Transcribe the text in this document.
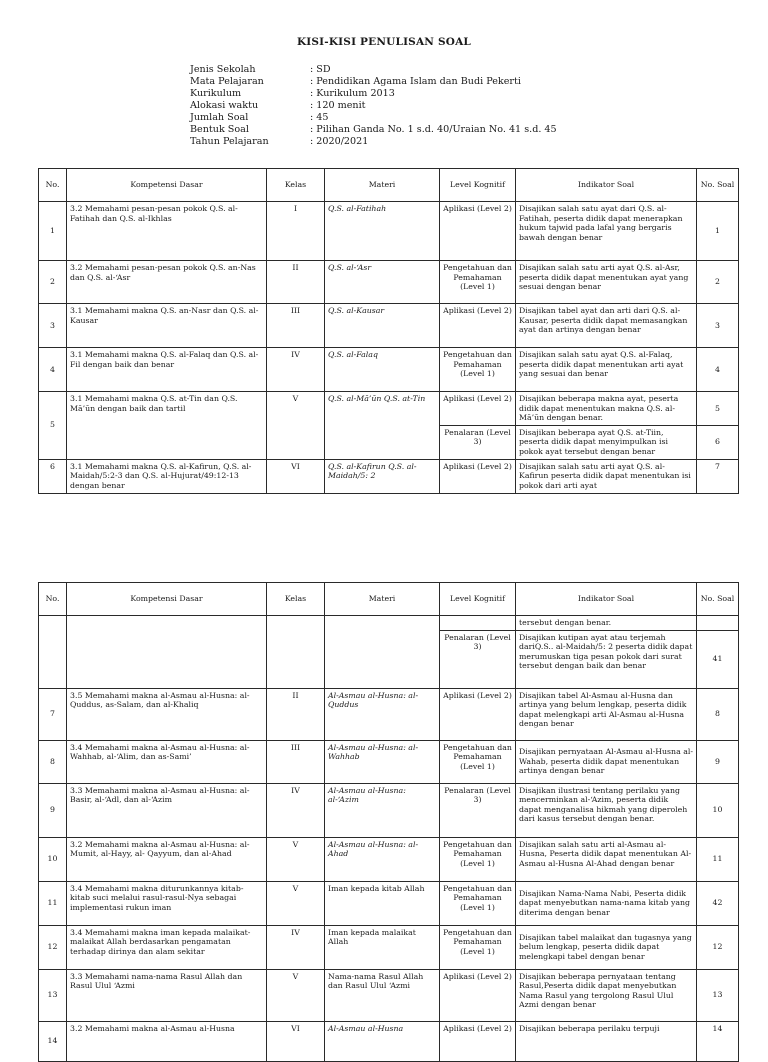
KISI-KISI PENULISAN SOAL
Jenis Sekolah	: SD
Mata Pelajaran	: Pendidikan Agama Islam dan Budi Pekerti
Kurikulum	: Kurikulum 2013
Alokasi waktu	: 120 menit
Jumlah Soal	: 45
Bentuk Soal	: Pilihan Ganda No. 1 s.d. 40/Uraian No. 41 s.d. 45
Tahun Pelajaran	: 2020/2021
No.	Kompetensi Dasar	Kelas	Materi	Level Kognitif	Indikator Soal	No. Soal
1	3.2 Memahami pesan-pesan pokok Q.S. al-Fatihah dan Q.S. al-Ikhlas	I	Q.S. al-Fatihah	Aplikasi (Level 2)	Disajikan salah satu ayat dari Q.S. al-Fatihah, peserta didik dapat menerapkan hukum tajwid pada lafal yang bergaris bawah dengan benar	1
2	3.2 Memahami pesan-pesan pokok Q.S. an-Nas dan Q.S. al-‘Asr	II	Q.S. al-‘Asr	Pengetahuan dan Pemahaman (Level 1)	Disajikan salah satu arti ayat Q.S. al-Asr, peserta didik dapat menentukan ayat yang sesuai dengan benar	2
3	3.1 Memahami makna Q.S. an-Nasr dan Q.S. al-Kausar	III	Q.S. al-Kausar	Aplikasi (Level 2)	Disajikan tabel ayat dan arti dari Q.S. al-Kausar, peserta didik dapat memasangkan ayat dan artinya dengan benar	3
4	3.1 Memahami makna Q.S. al-Falaq dan Q.S. al-Fil dengan baik dan benar	IV	Q.S. al-Falaq	Pengetahuan dan Pemahaman (Level 1)	Disajikan salah satu ayat Q.S. al-Falaq, peserta didik dapat menentukan arti ayat yang sesuai dan benar	4
5	3.1 Memahami makna Q.S. at-Tin dan Q.S. Mā’ūn dengan baik dan tartil	V	Q.S. al-Mā’ūn Q.S. at-Tin	Aplikasi (Level 2)	Disajikan beberapa makna ayat, peserta didik dapat menentukan makna Q.S. al-Mā’ūn dengan benar.	5
				Penalaran (Level 3)	Disajikan beberapa ayat Q.S. at-Tiin, peserta didik dapat menyimpulkan isi pokok ayat tersebut dengan benar	6
6	3.1 Memahami makna Q.S. al-Kafirun, Q.S. al-Maidah/5:2-3 dan Q.S. al-Hujurat/49:12-13 dengan benar	VI	Q.S. al-Kafirun Q.S. al-Maidah/5: 2	Aplikasi (Level 2)	Disajikan salah satu arti ayat Q.S. al-Kafirun peserta didik dapat menentukan isi pokok dari arti ayat	7
No.	Kompetensi Dasar	Kelas	Materi	Level Kognitif	Indikator Soal	No. Soal
					tersebut dengan benar.	
				Penalaran (Level 3)	Disajikan kutipan ayat atau terjemah dariQ.S.. al-Maidah/5: 2 peserta didik dapat merumuskan tiga pesan pokok dari surat tersebut dengan baik dan benar	41
7	3.5 Memahami makna al-Asmau al-Husna: al-Quddus, as-Salam, dan al-Khaliq	II	Al-Asmau al-Husna: al-Quddus	Aplikasi (Level 2)	Disajikan tabel Al-Asmau al-Husna dan artinya yang belum lengkap, peserta didik dapat melengkapi arti Al-Asmau al-Husna dengan benar	8
8	3.4 Memahami makna al-Asmau al-Husna: al-Wahhab, al-‘Alim, dan as-Sami’	III	Al-Asmau al-Husna: al-Wahhab	Pengetahuan dan Pemahaman (Level 1)	Disajikan pernyataan Al-Asmau al-Husna al-Wahab, peserta didik dapat menentukan artinya dengan benar	9
9	3.3 Memahami makna al-Asmau al-Husna: al-Basir, al-‘Adl, dan al-‘Azim	IV	Al-Asmau al-Husna: al-‘Azim	Penalaran (Level 3)	Disajikan ilustrasi tentang perilaku yang mencerminkan al-‘Azim, peserta didik dapat menganalisa hikmah yang diperoleh dari kasus tersebut dengan benar.	10
10	3.2 Memahami makna al-Asmau al-Husna: al-Mumit, al-Hayy, al- Qayyum, dan al-Ahad	V	Al-Asmau al-Husna: al-Ahad	Pengetahuan dan Pemahaman (Level 1)	Disajikan salah satu arti al-Asmau al-Husna, Peserta didik dapat menentukan Al-Asmau al-Husna Al-Ahad dengan benar	11
11	3.4 Memahami makna diturunkannya kitab-kitab suci melalui rasul-rasul-Nya sebagai implementasi rukun iman	V	Iman kepada kitab Allah	Pengetahuan dan Pemahaman (Level 1)	Disajikan Nama-Nama Nabi, Peserta didik dapat menyebutkan nama-nama kitab yang diterima dengan benar	42
12	3.4 Memahami makna iman kepada malaikat-malaikat Allah berdasarkan pengamatan terhadap dirinya dan alam sekitar	IV	Iman kepada malaikat Allah	Pengetahuan dan Pemahaman (Level 1)	Disajikan tabel malaikat dan tugasnya yang belum lengkap, peserta didik dapat melengkapi tabel dengan benar	12
13	3.3 Memahami nama-nama Rasul Allah dan Rasul Ulul ‘Azmi	V	Nama-nama Rasul Allah dan Rasul Ulul ‘Azmi	Aplikasi (Level 2)	Disajikan beberapa pernyataan tentang Rasul,Peserta didik dapat menyebutkan Nama Rasul yang tergolong Rasul Ulul Azmi dengan benar	13
14	3.2 Memahami makna al-Asmau al-Husna	VI	Al-Asmau al-Husna	Aplikasi (Level 2)	Disajikan beberapa perilaku terpuji	14
